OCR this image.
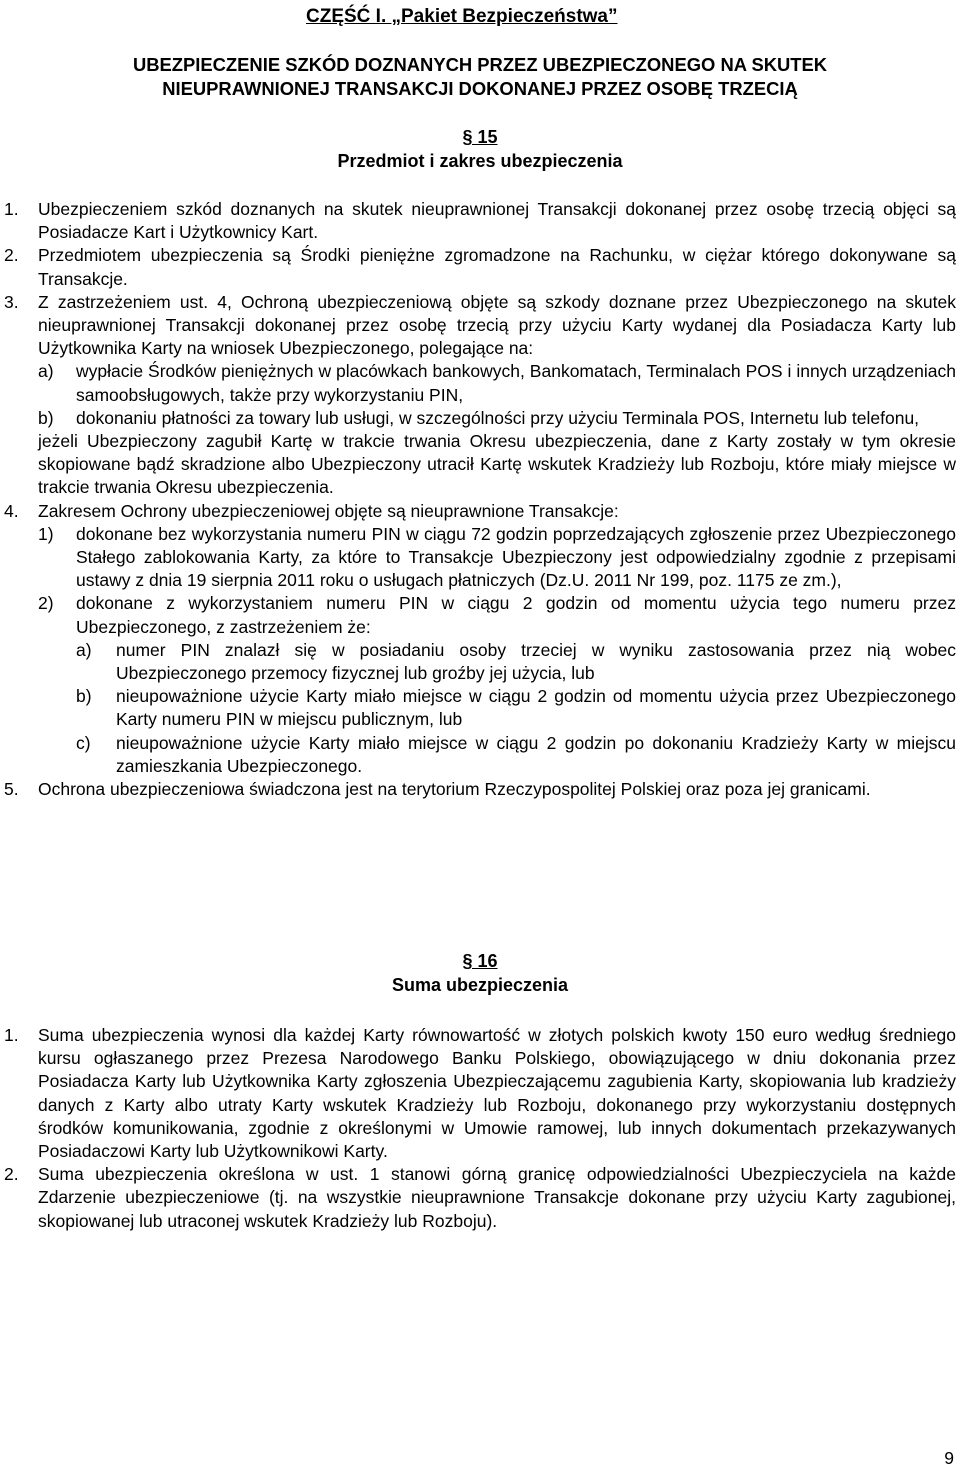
CZĘŚĆ I. „Pakiet Bezpieczeństwa”
UBEZPIECZENIE SZKÓD DOZNANYCH PRZEZ UBEZPIECZONEGO NA SKUTEK
NIEUPRAWNIONEJ TRANSAKCJI DOKONANEJ PRZEZ OSOBĘ TRZECIĄ
§ 15
Przedmiot i zakres ubezpieczenia
1. Ubezpieczeniem szkód doznanych na skutek nieuprawnionej Transakcji dokonanej przez osobę trzecią objęci są Posiadacze Kart i Użytkownicy Kart.

2. Przedmiotem ubezpieczenia są Środki pieniężne zgromadzone na Rachunku, w ciężar którego dokonywane są Transakcje.

3. Z zastrzeżeniem ust. 4, Ochroną ubezpieczeniową objęte są szkody doznane przez Ubezpieczonego na skutek nieuprawnionej Transakcji dokonanej przez osobę trzecią przy użyciu Karty wydanej dla Posiadacza Karty lub Użytkownika Karty na wniosek Ubezpieczonego, polegające na:

a) wypłacie Środków pieniężnych w placówkach bankowych, Bankomatach, Terminalach POS i innych urządzeniach samoobsługowych, także przy wykorzystaniu PIN,

b) dokonaniu płatności za towary lub usługi, w szczególności przy użyciu Terminala POS, Internetu lub telefonu,

jeżeli Ubezpieczony zagubił Kartę w trakcie trwania Okresu ubezpieczenia, dane z Karty zostały w tym okresie skopiowane bądź skradzione albo Ubezpieczony utracił Kartę wskutek Kradzieży lub Rozboju, które miały miejsce w trakcie trwania Okresu ubezpieczenia.

4. Zakresem Ochrony ubezpieczeniowej objęte są nieuprawnione Transakcje:

1) dokonane bez wykorzystania numeru PIN w ciągu 72 godzin poprzedzających zgłoszenie przez Ubezpieczonego Stałego zablokowania Karty, za które to Transakcje Ubezpieczony jest odpowiedzialny zgodnie z przepisami ustawy z dnia 19 sierpnia 2011 roku o usługach płatniczych (Dz.U. 2011 Nr 199, poz. 1175 ze zm.),

2) dokonane z wykorzystaniem numeru PIN w ciągu 2 godzin od momentu użycia tego numeru przez Ubezpieczonego, z zastrzeżeniem że:

a) numer PIN znalazł się w posiadaniu osoby trzeciej w wyniku zastosowania przez nią wobec Ubezpieczonego przemocy fizycznej lub groźby jej użycia, lub

b) nieupoważnione użycie Karty miało miejsce w ciągu 2 godzin od momentu użycia przez Ubezpieczonego Karty numeru PIN w miejscu publicznym, lub

c) nieupoważnione użycie Karty miało miejsce w ciągu 2 godzin po dokonaniu Kradzieży Karty w miejscu zamieszkania Ubezpieczonego.

5. Ochrona ubezpieczeniowa świadczona jest na terytorium Rzeczypospolitej Polskiej oraz poza jej granicami.

§ 16
Suma ubezpieczenia
1. Suma ubezpieczenia wynosi dla każdej Karty równowartość w złotych polskich kwoty 150 euro według średniego kursu ogłaszanego przez Prezesa Narodowego Banku Polskiego, obowiązującego w dniu dokonania przez Posiadacza Karty lub Użytkownika Karty zgłoszenia Ubezpieczającemu zagubienia Karty, skopiowania lub kradzieży danych z Karty albo utraty Karty wskutek Kradzieży lub Rozboju, dokonanego przy wykorzystaniu dostępnych środków komunikowania, zgodnie z określonymi w Umowie ramowej, lub innych dokumentach przekazywanych Posiadaczowi Karty lub Użytkownikowi Karty.

2. Suma ubezpieczenia określona w ust. 1 stanowi górną granicę odpowiedzialności Ubezpieczyciela na każde Zdarzenie ubezpieczeniowe (tj. na wszystkie nieuprawnione Transakcje dokonane przy użyciu Karty zagubionej, skopiowanej lub utraconej wskutek Kradzieży lub Rozboju).

9
